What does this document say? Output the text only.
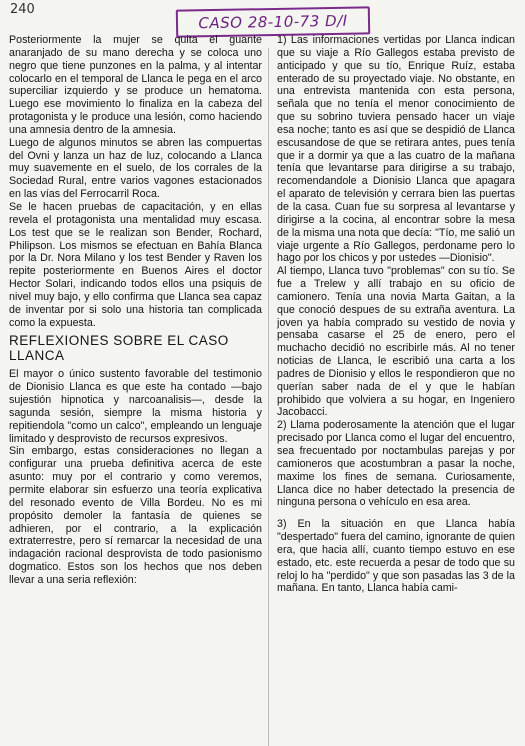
240
CASO 28-10-73 D/I

Posteriormente la mujer se quita el guante anaranjado de su mano derecha y se coloca uno negro que tiene punzones en la palma, y al intentar colocarlo en el temporal de Llanca le pega en el arco superciliar izquierdo y se produce un hematoma. Luego ese movimiento lo finaliza en la cabeza del protagonista y le produce una lesión, como haciendo una amnesia dentro de la amnesia.

Luego de algunos minutos se abren las compuertas del Ovni y lanza un haz de luz, colocando a Llanca muy suavemente en el suelo, de los corrales de la Sociedad Rural, entre varios vagones estacionados en las vías del Ferrocarril Roca.

Se le hacen pruebas de capacitación, y en ellas revela el protagonista una mentalidad muy escasa. Los test que se le realizan son Bender, Rochard, Philipson. Los mismos se efectuan en Bahía Blanca por la Dr. Nora Milano y los test Bender y Raven los repite posteriormente en Buenos Aires el doctor Hector Solari, indicando todos ellos una psiquis de nivel muy bajo, y ello confirma que Llanca sea capaz de inventar por si solo una historia tan complicada como la expuesta.

REFLEXIONES SOBRE EL CASO LLANCA

El mayor o único sustento favorable del testimonio de Dionisio Llanca es que este ha contado —bajo sujestión hipnotica y narcoanalisis—, desde la sagunda sesión, siempre la misma historia y repitiendola "como un calco", empleando un lenguaje limitado y desprovisto de recursos expresivos.

Sin embargo, estas consideraciones no llegan a configurar una prueba definitiva acerca de este asunto: muy por el contrario y como veremos, permite elaborar sin esfuerzo una teoría explicativa del resonado evento de Villa Bordeu. No es mi propósito demoler la fantasía de quienes se adhieren, por el contrario, a la explicación extraterrestre, pero sí remarcar la necesidad de una indagación racional desprovista de todo pasionismo dogmatico. Estos son los hechos que nos deben llevar a una seria reflexión:

1) Las informaciones vertidas por Llanca indican que su viaje a Río Gallegos estaba previsto de anticipado y que su tío, Enrique Ruíz, estaba enterado de su proyectado viaje. No obstante, en una entrevista mantenida con esta persona, señala que no tenía el menor conocimiento de que su sobrino tuviera pensado hacer un viaje esa noche; tanto es así que se despidió de Llanca escusandose de que se retirara antes, pues tenía que ir a dormir ya que a las cuatro de la mañana tenía que levantarse para dirigirse a su trabajo, recomendandole a Dionisio Llanca que apagara el aparato de televisión y cerrara bien las puertas de la casa. Cuan fue su sorpresa al levantarse y dirigirse a la cocina, al encontrar sobre la mesa de la misma una nota que decía: "Tío, me salió un viaje urgente a Río Gallegos, perdoname pero lo hago por los chicos y por ustedes —Dionisio".

Al tiempo, Llanca tuvo "problemas" con su tío. Se fue a Trelew y allí trabajo en su oficio de camionero. Tenía una novia Marta Gaitan, a la que conoció despues de su extraña aventura. La joven ya había comprado su vestido de novia y pensaba casarse el 25 de enero, pero el muchacho decidió no escribirle más. Al no tener noticias de Llanca, le escribió una carta a los padres de Dionisio y ellos le respondieron que no querían saber nada de el y que le habían prohibido que volviera a su hogar, en Ingeniero Jacobacci.

2) Llama poderosamente la atención que el lugar precisado por Llanca como el lugar del encuentro, sea frecuentado por noctambulas parejas y por camioneros que acostumbran a pasar la noche, maxime los fines de semana. Curiosamente, Llanca dice no haber detectado la presencia de ninguna persona o vehículo en esa area.

3) En la situación en que Llanca había "despertado" fuera del camino, ignorante de quien era, que hacia allí, cuanto tiempo estuvo en ese estado, etc. este recuerda a pesar de todo que su reloj lo ha "perdido" y que son pasadas las 3 de la mañana. En tanto, Llanca había cami-
